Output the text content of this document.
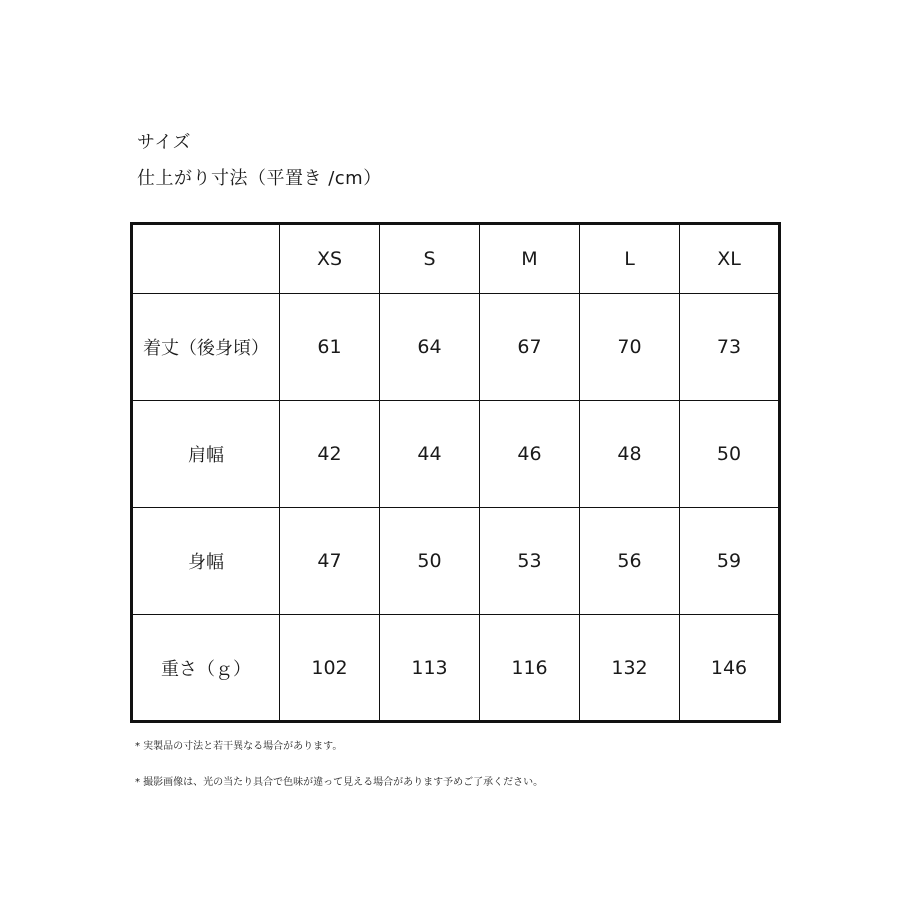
サイズ
仕上がり寸法（平置き /cm）
	XS	S	M	L	XL
着丈（後身頃）	61	64	67	70	73
肩幅	42	44	46	48	50
身幅	47	50	53	56	59
重さ（ｇ）	102	113	116	132	146
* 実製品の寸法と若干異なる場合があります。
* 撮影画像は、光の当たり具合で色味が違って見える場合があります予めご了承ください。
